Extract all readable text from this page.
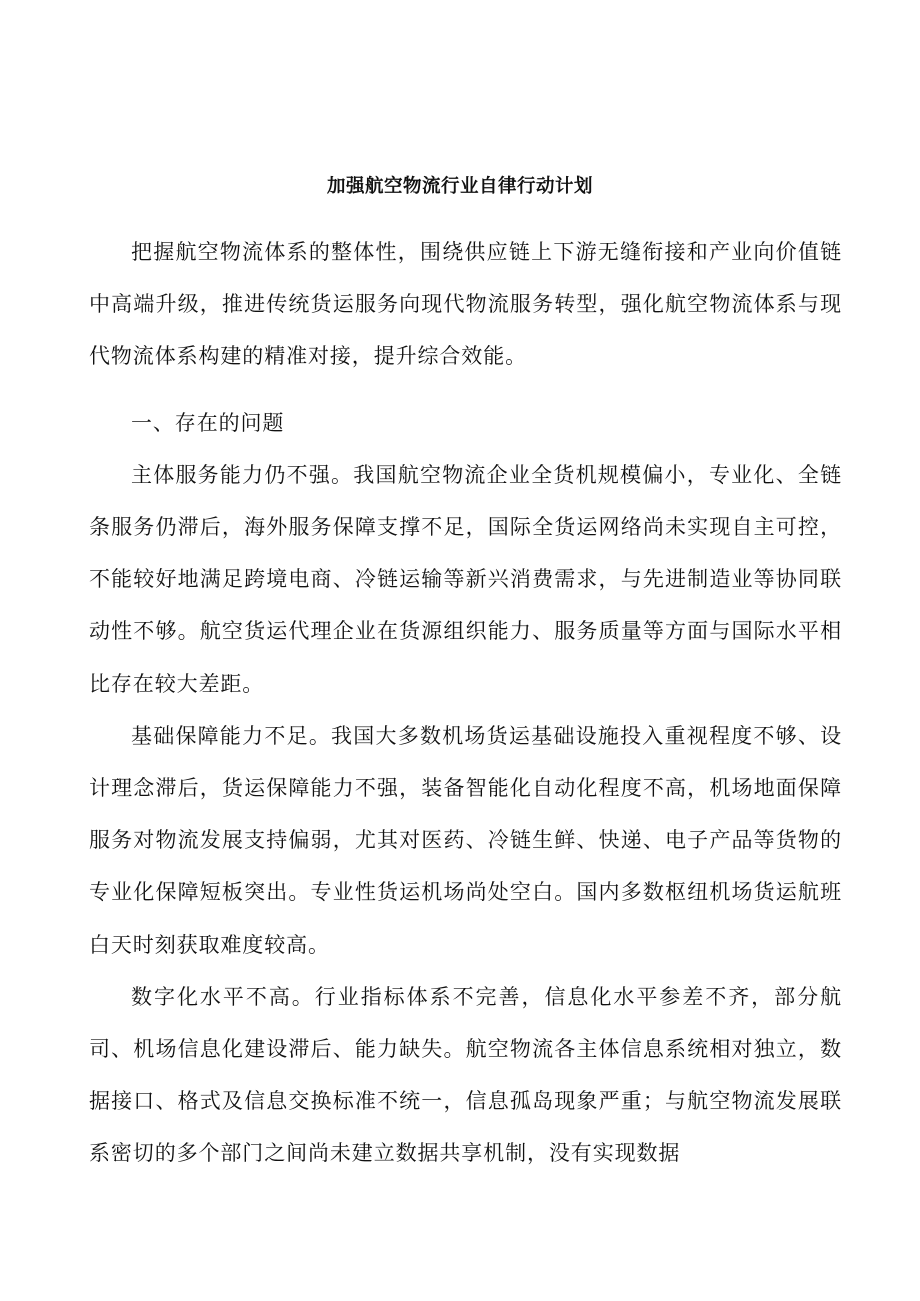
加强航空物流行业自律行动计划

把握航空物流体系的整体性，围绕供应链上下游无缝衔接和产业向价值链中高端升级，推进传统货运服务向现代物流服务转型，强化航空物流体系与现代物流体系构建的精准对接，提升综合效能。

一、存在的问题

主体服务能力仍不强。我国航空物流企业全货机规模偏小，专业化、全链条服务仍滞后，海外服务保障支撑不足，国际全货运网络尚未实现自主可控，不能较好地满足跨境电商、冷链运输等新兴消费需求，与先进制造业等协同联动性不够。航空货运代理企业在货源组织能力、服务质量等方面与国际水平相比存在较大差距。

基础保障能力不足。我国大多数机场货运基础设施投入重视程度不够、设计理念滞后，货运保障能力不强，装备智能化自动化程度不高，机场地面保障服务对物流发展支持偏弱，尤其对医药、冷链生鲜、快递、电子产品等货物的专业化保障短板突出。专业性货运机场尚处空白。国内多数枢纽机场货运航班白天时刻获取难度较高。

数字化水平不高。行业指标体系不完善，信息化水平参差不齐，部分航司、机场信息化建设滞后、能力缺失。航空物流各主体信息系统相对独立，数据接口、格式及信息交换标准不统一，信息孤岛现象严重；与航空物流发展联系密切的多个部门之间尚未建立数据共享机制，没有实现数据
